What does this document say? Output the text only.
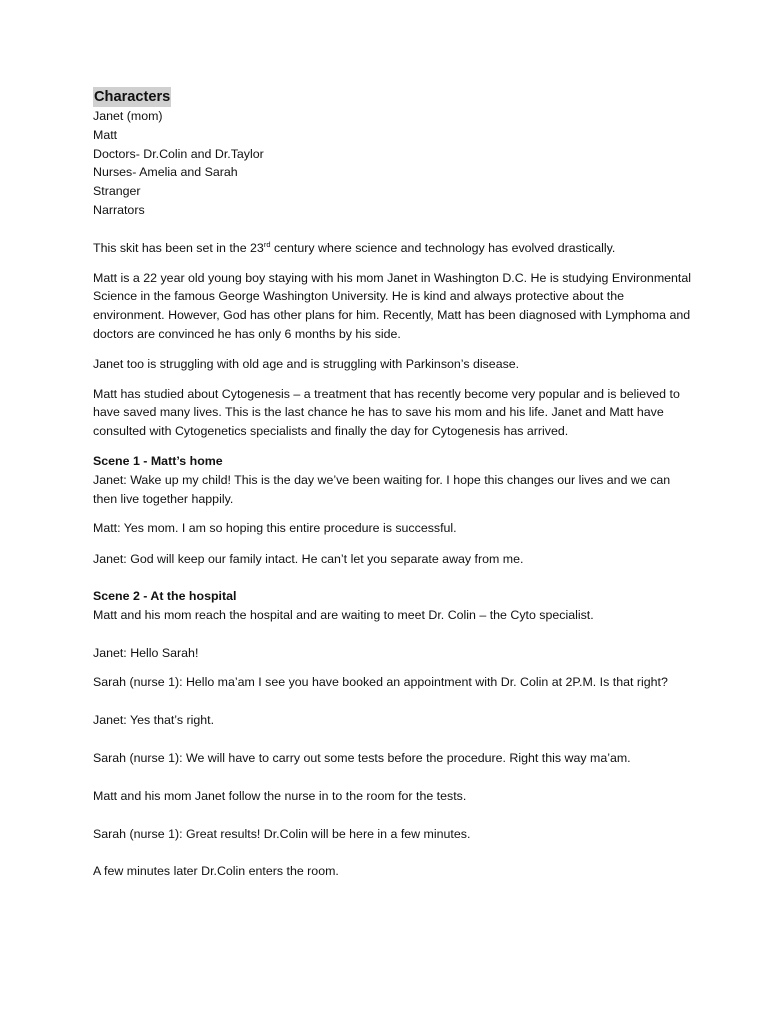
Characters
Janet (mom)
Matt
Doctors- Dr.Colin and Dr.Taylor
Nurses- Amelia and Sarah
Stranger
Narrators

This skit has been set in the 23rd century where science and technology has evolved drastically.

Matt is a 22 year old young boy staying with his mom Janet in Washington D.C. He is studying Environmental Science in the famous George Washington University. He is kind and always protective about the environment. However, God has other plans for him. Recently, Matt has been diagnosed with Lymphoma and doctors are convinced he has only 6 months by his side.

Janet too is struggling with old age and is struggling with Parkinson’s disease.

Matt has studied about Cytogenesis – a treatment that has recently become very popular and is believed to have saved many lives. This is the last chance he has to save his mom and his life. Janet and Matt have consulted with Cytogenetics specialists and finally the day for Cytogenesis has arrived.

Scene 1 - Matt’s home

Janet: Wake up my child! This is the day we’ve been waiting for. I hope this changes our lives and we can then live together happily.

Matt: Yes mom. I am so hoping this entire procedure is successful.

Janet: God will keep our family intact. He can’t let you separate away from me.

Scene 2 - At the hospital

Matt and his mom reach the hospital and are waiting to meet Dr. Colin – the Cyto specialist.

Janet: Hello Sarah!

Sarah (nurse 1): Hello ma’am I see you have booked an appointment with Dr. Colin at 2P.M. Is that right?

Janet: Yes that’s right.

Sarah (nurse 1): We will have to carry out some tests before the procedure. Right this way ma’am.

Matt and his mom Janet follow the nurse in to the room for the tests.

Sarah (nurse 1): Great results! Dr.Colin will be here in a few minutes.

A few minutes later Dr.Colin enters the room.
